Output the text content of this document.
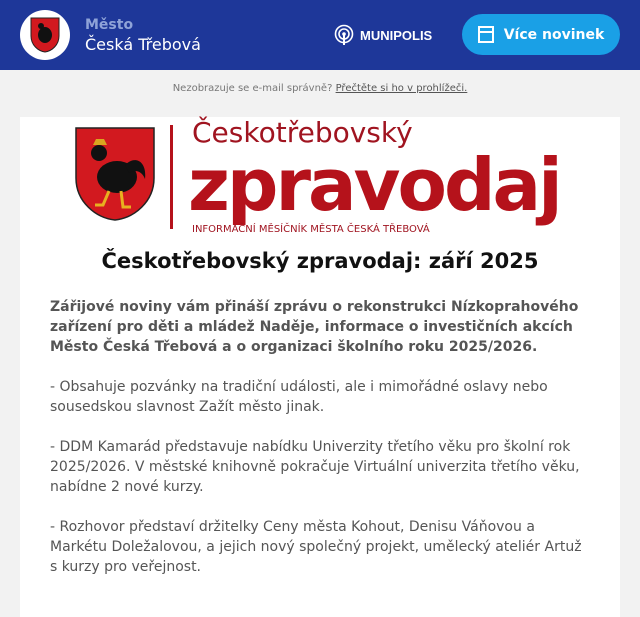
Město
Česká Třebová	MUNIPOLIS	Více novinek
Nezobrazuje se e-mail správně? Přečtěte si ho v prohlížeči.
Českotřebovský
zpravodaj
INFORMAČNÍ MĚSÍČNÍK MĚSTA ČESKÁ TŘEBOVÁ
Českotřebovský zpravodaj: září 2025

Zářijové noviny vám přináší zprávu o rekonstrukci Nízkoprahového zařízení pro děti a mládež Naděje, informace o investičních akcích Město Česká Třebová a o organizaci školního roku 2025/2026.

- Obsahuje pozvánky na tradiční události, ale i mimořádné oslavy nebo sousedskou slavnost Zažít město jinak.

- DDM Kamarád představuje nabídku Univerzity třetího věku pro školní rok 2025/2026. V městské knihovně pokračuje Virtuální univerzita třetího věku, nabídne 2 nové kurzy.

- Rozhovor představí držitelky Ceny města Kohout, Denisu Váňovou a Markétu Doležalovou, a jejich nový společný projekt, umělecký ateliér Artuž s kurzy pro veřejnost.
